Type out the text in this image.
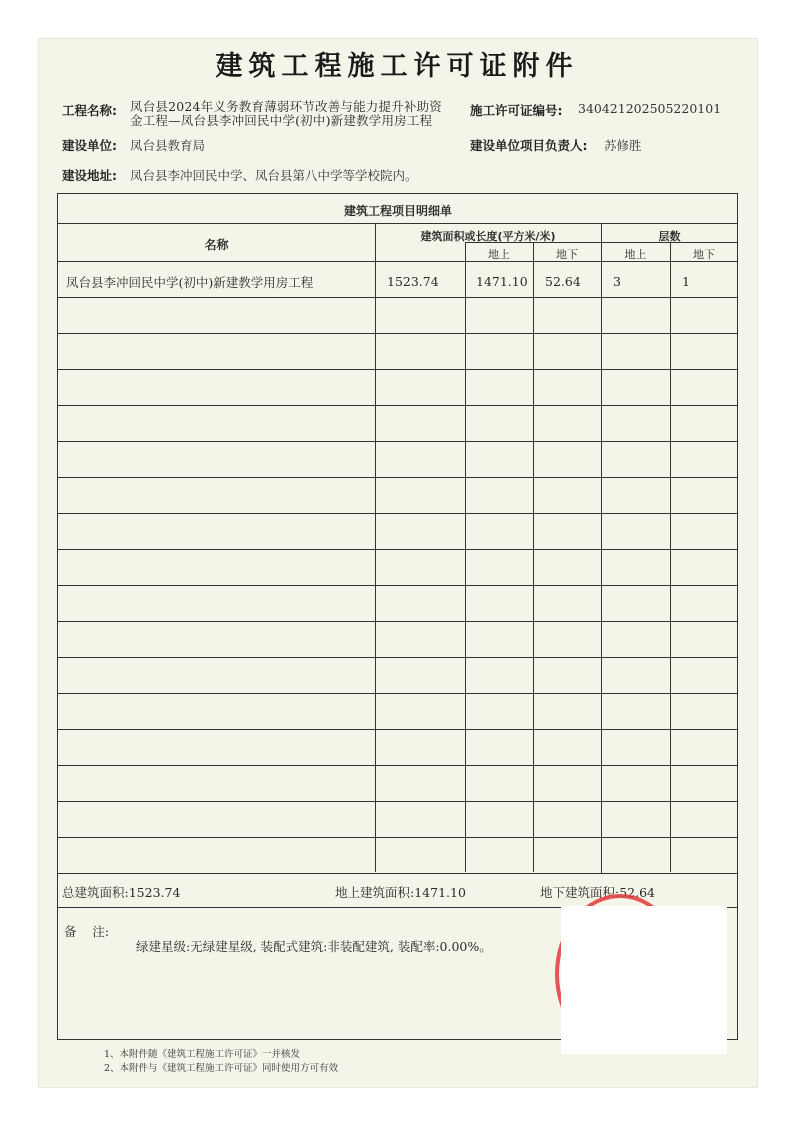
建筑工程施工许可证附件
工程名称: 凤台县2024年义务教育薄弱环节改善与能力提升补助资金工程—凤台县李冲回民中学(初中)新建教学用房工程
施工许可证编号: 340421202505220101
建设单位: 凤台县教育局	建设单位项目负责人: 苏修胜
建设地址: 凤台县李冲回民中学、凤台县第八中学等学校院内。
建筑工程项目明细单
名称
建筑面积或长度(平方米/米)	层数
地上	地下	地上	地下
凤台县李冲回民中学(初中)新建教学用房工程	1523.74	1471.10 52.64	3	1
总建筑面积:1523.74	地上建筑面积:1471.10	地下建筑面积:52.64
备    注:
绿建星级:无绿建星级, 装配式建筑:非装配建筑, 装配率:0.00%。
1、本附件随《建筑工程施工许可证》一并核发
2、本附件与《建筑工程施工许可证》同时使用方可有效
